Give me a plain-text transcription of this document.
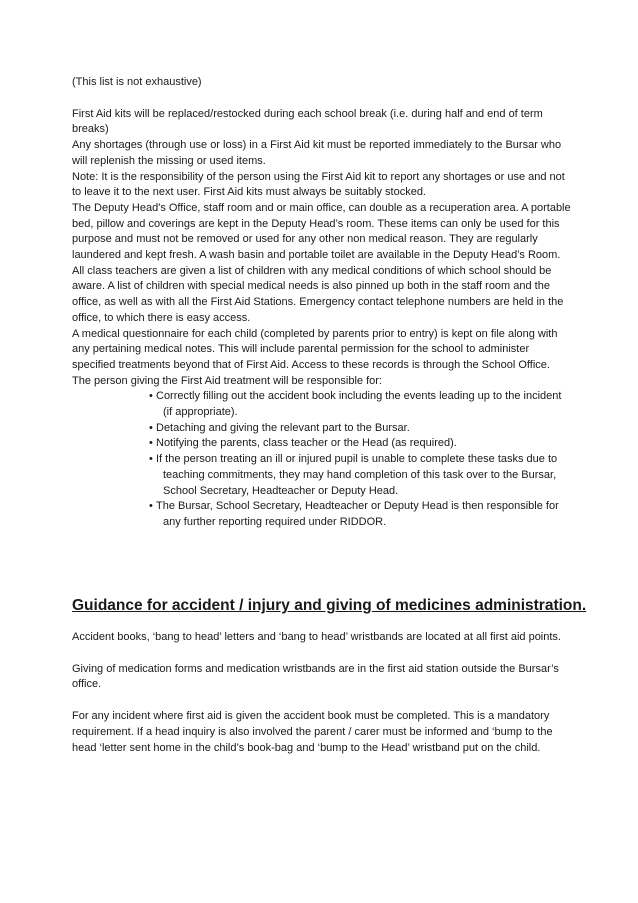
(This list is not exhaustive)

First Aid kits will be replaced/restocked during each school break (i.e. during half and end of term breaks)

Any shortages (through use or loss) in a First Aid kit must be reported immediately to the Bursar who will replenish the missing or used items.

Note: It is the responsibility of the person using the First Aid kit to report any shortages or use and not to leave it to the next user. First Aid kits must always be suitably stocked.

The Deputy Head's Office, staff room and or main office, can double as a recuperation area. A portable bed, pillow and coverings are kept in the Deputy Head’s room. These items can only be used for this purpose and must not be removed or used for any other non medical reason. They are regularly laundered and kept fresh. A wash basin and portable toilet are available in the Deputy Head’s Room.

All class teachers are given a list of children with any medical conditions of which school should be aware. A list of children with special medical needs is also pinned up both in the staff room and the office, as well as with all the First Aid Stations. Emergency contact telephone numbers are held in the office, to which there is easy access.

A medical questionnaire for each child (completed by parents prior to entry) is kept on file along with any pertaining medical notes. This will include parental permission for the school to administer specified treatments beyond that of First Aid. Access to these records is through the School Office.

The person giving the First Aid treatment will be responsible for:

• Correctly filling out the accident book including the events leading up to the incident (if appropriate).
• Detaching and giving the relevant part to the Bursar.
• Notifying the parents, class teacher or the Head (as required).
• If the person treating an ill or injured pupil is unable to complete these tasks due to teaching commitments, they may hand completion of this task over to the Bursar, School Secretary, Headteacher or Deputy Head.
• The Bursar, School Secretary, Headteacher or Deputy Head is then responsible for any further reporting required under RIDDOR.
Guidance for accident / injury and giving of medicines administration.

Accident books, ‘bang to head’ letters and ‘bang to head’ wristbands are located at all first aid points.

Giving of medication forms and medication wristbands are in the first aid station outside the Bursar’s office.

For any incident where first aid is given the accident book must be completed. This is a mandatory requirement. If a head inquiry is also involved the parent / carer must be informed and ‘bump to the head ‘letter sent home in the child’s book-bag and ‘bump to the Head’ wristband put on the child.
